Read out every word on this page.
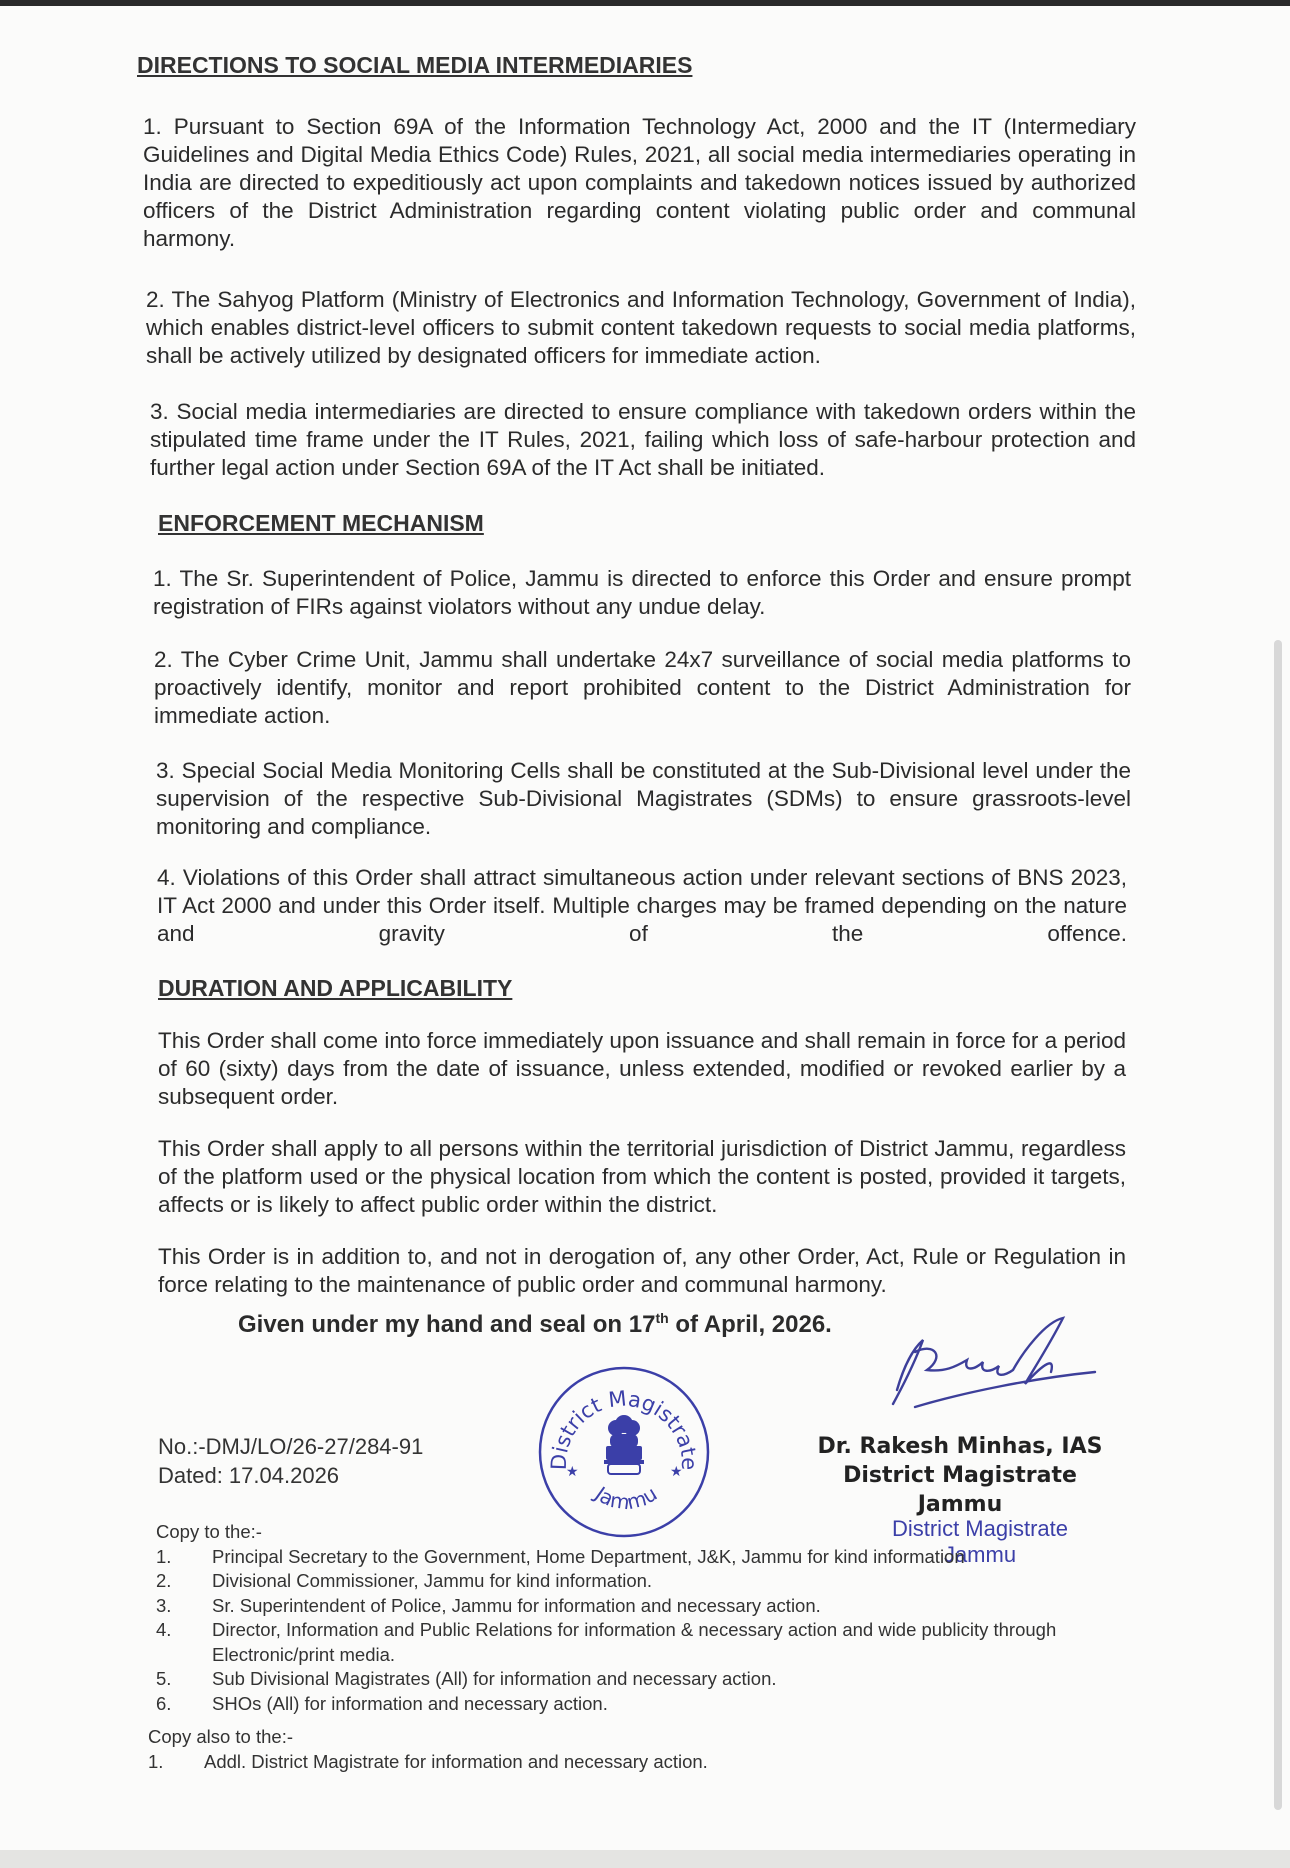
DIRECTIONS TO SOCIAL MEDIA INTERMEDIARIES
1. Pursuant to Section 69A of the Information Technology Act, 2000 and the IT (Intermediary Guidelines and Digital Media Ethics Code) Rules, 2021, all social media intermediaries operating in India are directed to expeditiously act upon complaints and takedown notices issued by authorized officers of the District Administration regarding content violating public order and communal harmony.
2. The Sahyog Platform (Ministry of Electronics and Information Technology, Government of India), which enables district-level officers to submit content takedown requests to social media platforms, shall be actively utilized by designated officers for immediate action.
3. Social media intermediaries are directed to ensure compliance with takedown orders within the stipulated time frame under the IT Rules, 2021, failing which loss of safe-harbour protection and further legal action under Section 69A of the IT Act shall be initiated.
ENFORCEMENT MECHANISM
1. The Sr. Superintendent of Police, Jammu is directed to enforce this Order and ensure prompt registration of FIRs against violators without any undue delay.
2. The Cyber Crime Unit, Jammu shall undertake 24x7 surveillance of social media platforms to proactively identify, monitor and report prohibited content to the District Administration for immediate action.
3. Special Social Media Monitoring Cells shall be constituted at the Sub-Divisional level under the supervision of the respective Sub-Divisional Magistrates (SDMs) to ensure grassroots-level monitoring and compliance.
4. Violations of this Order shall attract simultaneous action under relevant sections of BNS 2023, IT Act 2000 and under this Order itself. Multiple charges may be framed depending on the nature and gravity of the offence.
DURATION AND APPLICABILITY
This Order shall come into force immediately upon issuance and shall remain in force for a period of 60 (sixty) days from the date of issuance, unless extended, modified or revoked earlier by a subsequent order.
This Order shall apply to all persons within the territorial jurisdiction of District Jammu, regardless of the platform used or the physical location from which the content is posted, provided it targets, affects or is likely to affect public order within the district.
This Order is in addition to, and not in derogation of, any other Order, Act, Rule or Regulation in force relating to the maintenance of public order and communal harmony.
Given under my hand and seal on 17th of April, 2026.
No.:-DMJ/LO/26-27/284-91
Dated: 17.04.2026
District Magistrate
Jammu
★	★
Dr. Rakesh Minhas, IAS
District Magistrate
Jammu
District Magistrate
Jammu
Copy to the:-
1.	Principal Secretary to the Government, Home Department, J&K, Jammu for kind information
2.	Divisional Commissioner, Jammu for kind information.
3.	Sr. Superintendent of Police, Jammu for information and necessary action.
4.	Director, Information and Public Relations for information & necessary action and wide publicity through Electronic/print media.
5.	Sub Divisional Magistrates (All) for information and necessary action.
6.	SHOs (All) for information and necessary action.
Copy also to the:-
1.	Addl. District Magistrate for information and necessary action.
